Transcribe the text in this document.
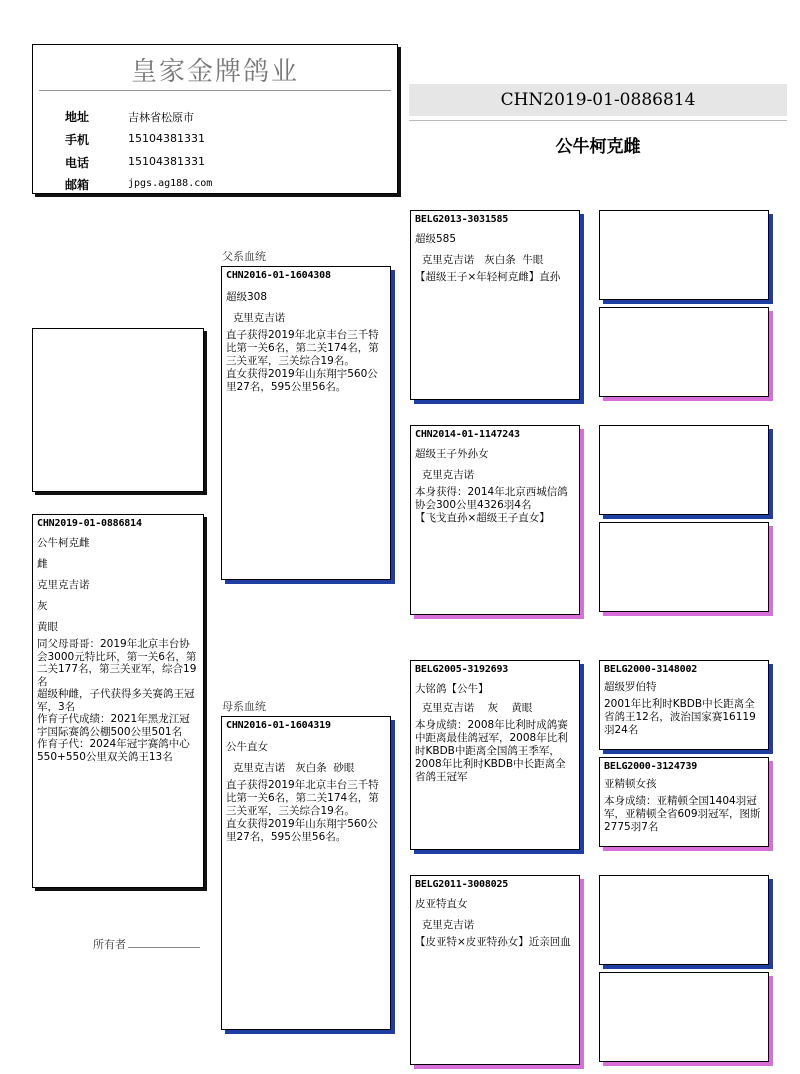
皇家金牌鸽业
地址	吉林省松原市
手机	15104381331
电话	15104381331
邮箱	jpgs.ag188.com
CHN2019-01-0886814
公牛柯克雌
CHN2019-01-0886814
公牛柯克雌
雌
克里克吉诺
灰
黄眼
同父母哥哥：2019年北京丰台协会3000元特比环，第一关6名，第二关177名，第三关亚军，综合19名
超级种雌，子代获得多关赛鸽王冠军，3名
作育子代成绩：2021年黑龙江冠宇国际赛鸽公棚500公里501名
作育子代：2024年冠宇赛鸽中心550+550公里双关鸽王13名
所有者
父系血统
母系血统
CHN2016-01-1604308
超级308
克里克吉诺
直子获得2019年北京丰台三千特比第一关6名，第二关174名，第三关亚军，三关综合19名。
直女获得2019年山东翔宇560公里27名，595公里56名。
CHN2016-01-1604319
公牛直女
克里克吉诺   灰白条  砂眼
直子获得2019年北京丰台三千特比第一关6名，第二关174名，第三关亚军，三关综合19名。
直女获得2019年山东翔宇560公里27名，595公里56名。
BELG2013-3031585
超级585
克里克吉诺   灰白条  牛眼
【超级王子×年轻柯克雌】直孙
CHN2014-01-1147243
超级王子外孙女
克里克吉诺
本身获得：2014年北京西城信鸽协会300公里4326羽4名
【飞戈直孙×超级王子直女】
BELG2005-3192693
大铭鸽【公牛】
克里克吉诺    灰    黄眼
本身成绩：2008年比利时成鸽赛中距离最佳鸽冠军，2008年比利时KBDB中距离全国鸽王季军，2008年比利时KBDB中长距离全省鸽王冠军
BELG2011-3008025
皮亚特直女
克里克吉诺
【皮亚特×皮亚特孙女】近亲回血
BELG2000-3148002
超级罗伯特
2001年比利时KBDB中长距离全省鸽王12名，波治国家赛16119羽24名
BELG2000-3124739
亚精顿女孩
本身成绩：亚精顿全国1404羽冠军，亚精顿全省609羽冠军，图斯2775羽7名
